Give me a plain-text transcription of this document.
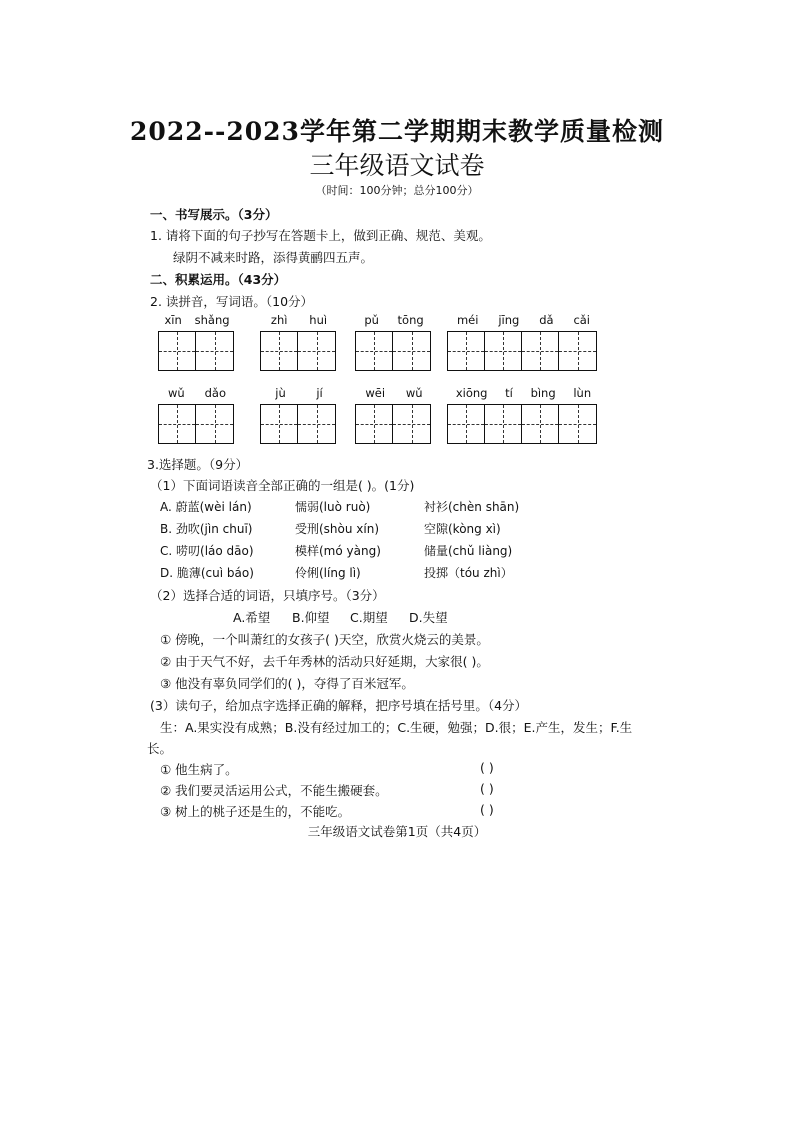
2022--2023学年第二学期期末教学质量检测
三年级语文试卷
（时间：100分钟；总分100分）
一、书写展示。（3分）
1. 请将下面的句子抄写在答题卡上，做到正确、规范、美观。
绿阴不减来时路，添得黄鹂四五声。
二、积累运用。（43分）
2. 读拼音，写词语。（10分）
xīn shǎng	zhì huì	pǔ tōng	méi jīng dǎ cǎi
wǔ dǎo	jù	jí	wēi wǔ	xiōng tí bìng lùn
3.选择题。（9分）
（1）下面词语读音全部正确的一组是( )。(1分)
A. 蔚蓝(wèi lán)	懦弱(luò ruò)	衬衫(chèn shān)
B. 劲吹(jìn chuī)	受刑(shòu xín)	空隙(kòng xì)
C. 唠叨(láo dāo)	模样(mó yàng)	储量(chǔ liàng)
D. 脆薄(cuì báo)	伶俐(líng lì)	投掷（tóu zhì）
（2）选择合适的词语，只填序号。（3分）
A.希望 B.仰望 C.期望 D.失望
① 傍晚，一个叫萧红的女孩子( )天空，欣赏火烧云的美景。
② 由于天气不好，去千年秀林的活动只好延期，大家很( )。
③ 他没有辜负同学们的( )，夺得了百米冠军。
(3）读句子，给加点字选择正确的解释，把序号填在括号里。（4分）
生：A.果实没有成熟；B.没有经过加工的；C.生硬，勉强；D.很；E.产生，发生；F.生
长。
① 他生病了。	( )
② 我们要灵活运用公式，不能生搬硬套。	( )
③ 树上的桃子还是生的，不能吃。	( )
三年级语文试卷第1页（共4页）
